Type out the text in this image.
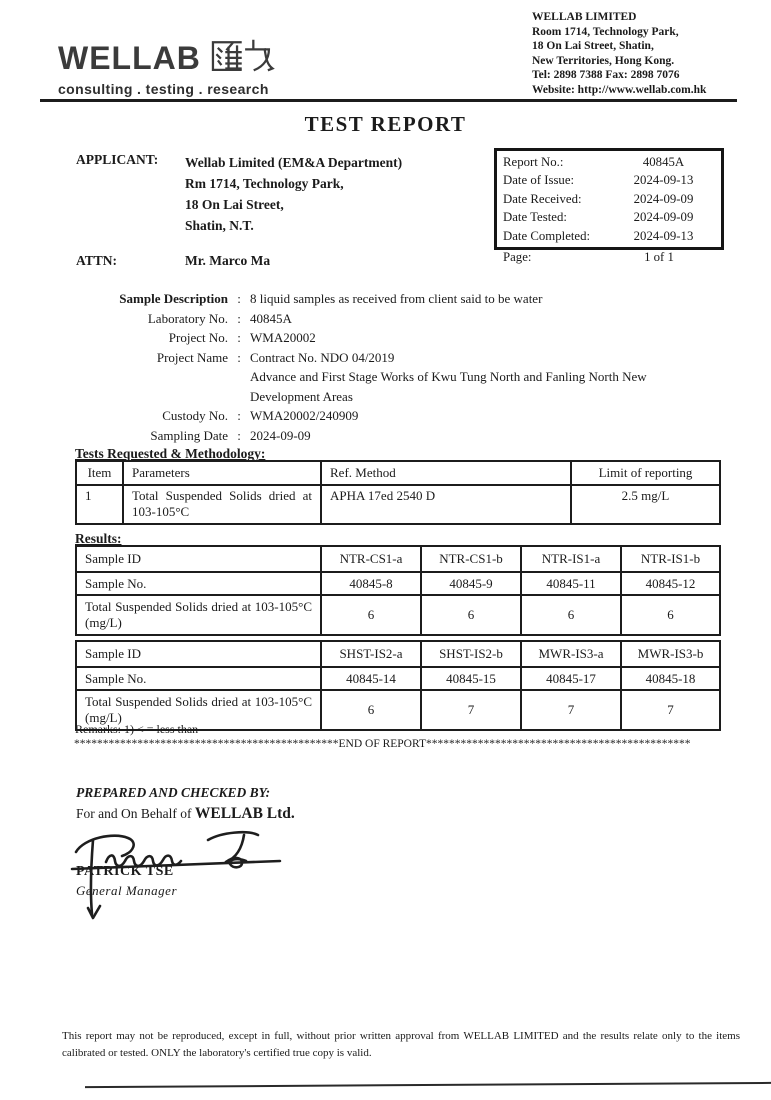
WELLAB
consulting . testing . research
WELLAB LIMITED
Room 1714, Technology Park,
18 On Lai Street, Shatin,
New Territories, Hong Kong.
Tel: 2898 7388 Fax: 2898 7076
Website: http://www.wellab.com.hk
TEST REPORT
APPLICANT: Wellab Limited (EM&A Department)
Rm 1714, Technology Park,
18 On Lai Street,
Shatin, N.T.
Report No.:	40845A
Date of Issue:	2024-09-13
Date Received:	2024-09-09
Date Tested:	2024-09-09
Date Completed:	2024-09-13
Page:	1 of 1
ATTN:	Mr. Marco Ma
Sample Description : 8 liquid samples as received from client said to be water
Laboratory No. : 40845A
Project No. : WMA20002
Project Name : Contract No. NDO 04/2019
Advance and First Stage Works of Kwu Tung North and Fanling North New
Development Areas
Custody No. : WMA20002/240909
Sampling Date : 2024-09-09
Tests Requested & Methodology:
Item	Parameters	Ref. Method	Limit of reporting
1	Total Suspended Solids dried at 103-105°C	APHA 17ed 2540 D	2.5 mg/L
Results:
Sample ID	NTR-CS1-a	NTR-CS1-b	NTR-IS1-a	NTR-IS1-b
Sample No.	40845-8	40845-9	40845-11	40845-12
Total Suspended Solids dried at 103-105°C (mg/L)	6	6	6	6
Sample ID	SHST-IS2-a	SHST-IS2-b	MWR-IS3-a	MWR-IS3-b
Sample No.	40845-14	40845-15	40845-17	40845-18
Total Suspended Solids dried at 103-105°C (mg/L)	6	7	7	7
Remarks: 1) < = less than
**********************************************END OF REPORT**********************************************
PREPARED AND CHECKED BY:
For and On Behalf of WELLAB Ltd.
PATRICK TSE
General Manager
This report may not be reproduced, except in full, without prior written approval from WELLAB LIMITED and the results relate only to the items calibrated or tested. ONLY the laboratory's certified true copy is valid.
